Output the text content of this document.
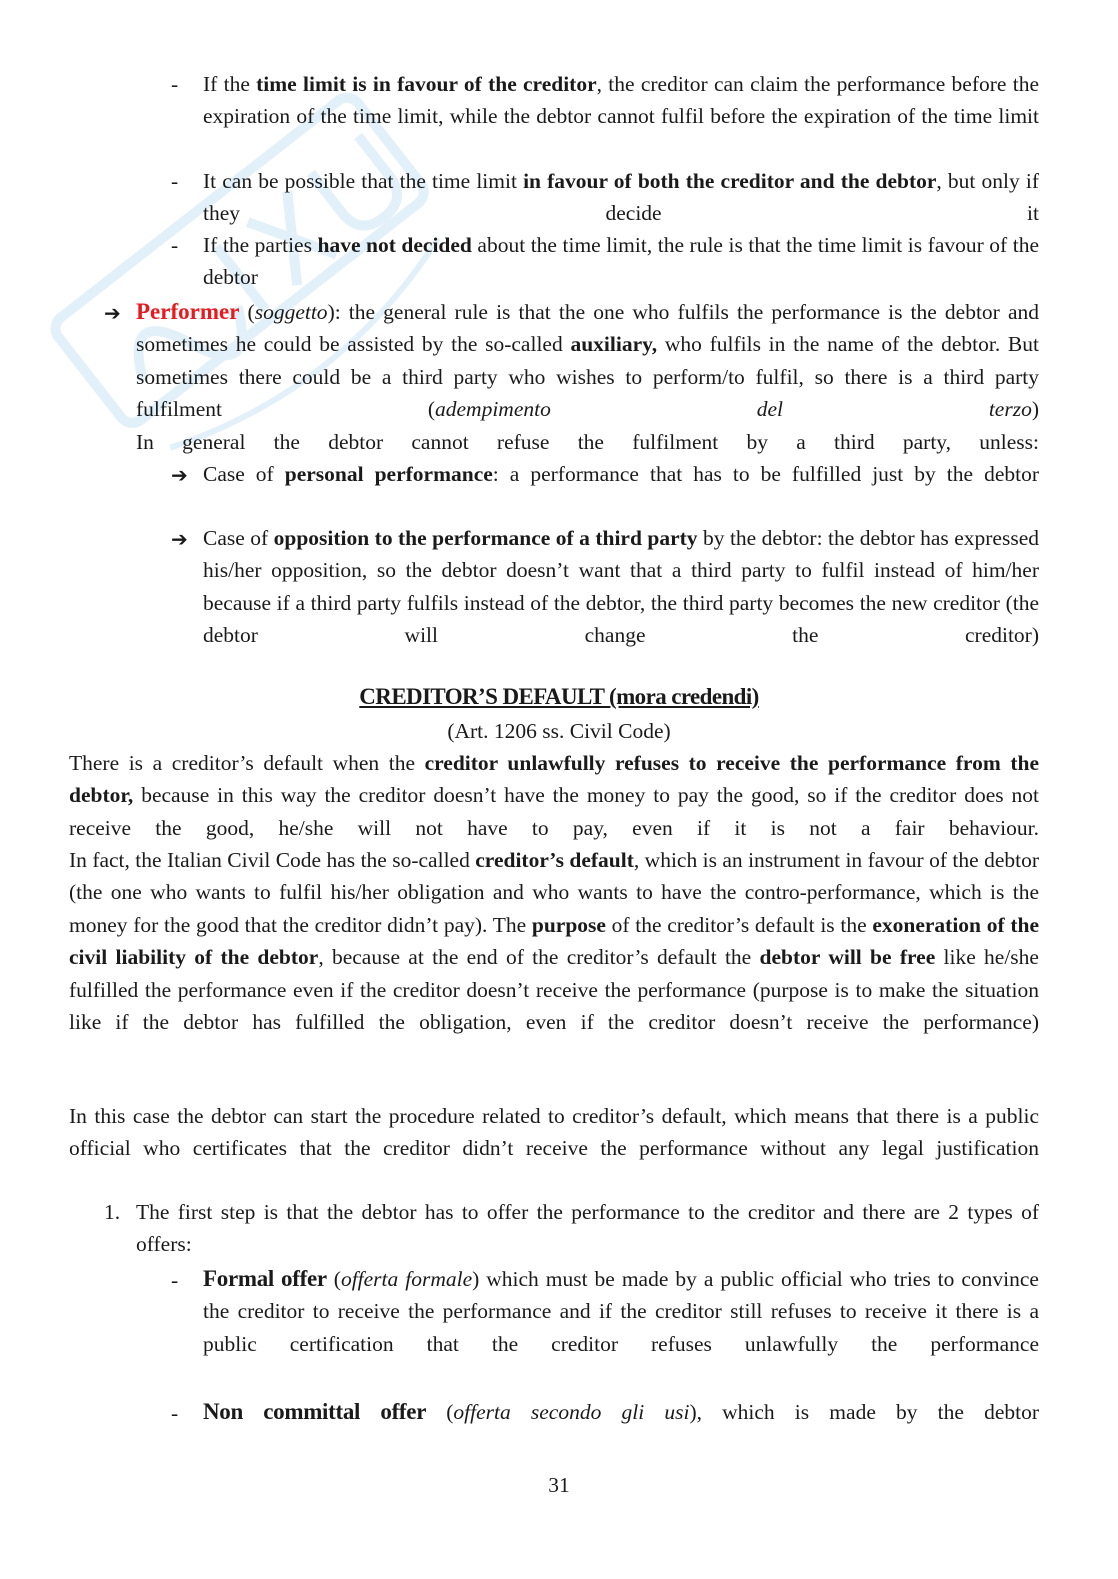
- If the time limit is in favour of the creditor, the creditor can claim the performance before the expiration of the time limit, while the debtor cannot fulfil before the expiration of the time limit

- It can be possible that the time limit in favour of both the creditor and the debtor, but only if they decide it

- If the parties have not decided about the time limit, the rule is that the time limit is favour of the debtor

➔ Performer (soggetto): the general rule is that the one who fulfils the performance is the debtor and sometimes he could be assisted by the so-called auxiliary, who fulfils in the name of the debtor. But sometimes there could be a third party who wishes to perform/to fulfil, so there is a third party fulfilment (adempimento del terzo)

In general the debtor cannot refuse the fulfilment by a third party, unless:

➔ Case of personal performance: a performance that has to be fulfilled just by the debtor

➔ Case of opposition to the performance of a third party by the debtor: the debtor has expressed his/her opposition, so the debtor doesn’t want that a third party to fulfil instead of him/her because if a third party fulfils instead of the debtor, the third party becomes the new creditor (the debtor will change the creditor)

CREDITOR’S DEFAULT (mora credendi)
(Art. 1206 ss. Civil Code)

There is a creditor’s default when the creditor unlawfully refuses to receive the performance from the debtor, because in this way the creditor doesn’t have the money to pay the good, so if the creditor does not receive the good, he/she will not have to pay, even if it is not a fair behaviour.

In fact, the Italian Civil Code has the so-called creditor’s default, which is an instrument in favour of the debtor (the one who wants to fulfil his/her obligation and who wants to have the contro-performance, which is the money for the good that the creditor didn’t pay). The purpose of the creditor’s default is the exoneration of the civil liability of the debtor, because at the end of the creditor’s default the debtor will be free like he/she fulfilled the performance even if the creditor doesn’t receive the performance (purpose is to make the situation like if the debtor has fulfilled the obligation, even if the creditor doesn’t receive the performance)

In this case the debtor can start the procedure related to creditor’s default, which means that there is a public official who certificates that the creditor didn’t receive the performance without any legal justification

1. The first step is that the debtor has to offer the performance to the creditor and there are 2 types of offers:

- Formal offer (offerta formale) which must be made by a public official who tries to convince the creditor to receive the performance and if the creditor still refuses to receive it there is a public certification that the creditor refuses unlawfully the performance

- Non committal offer (offerta secondo gli usi), which is made by the debtor

31
